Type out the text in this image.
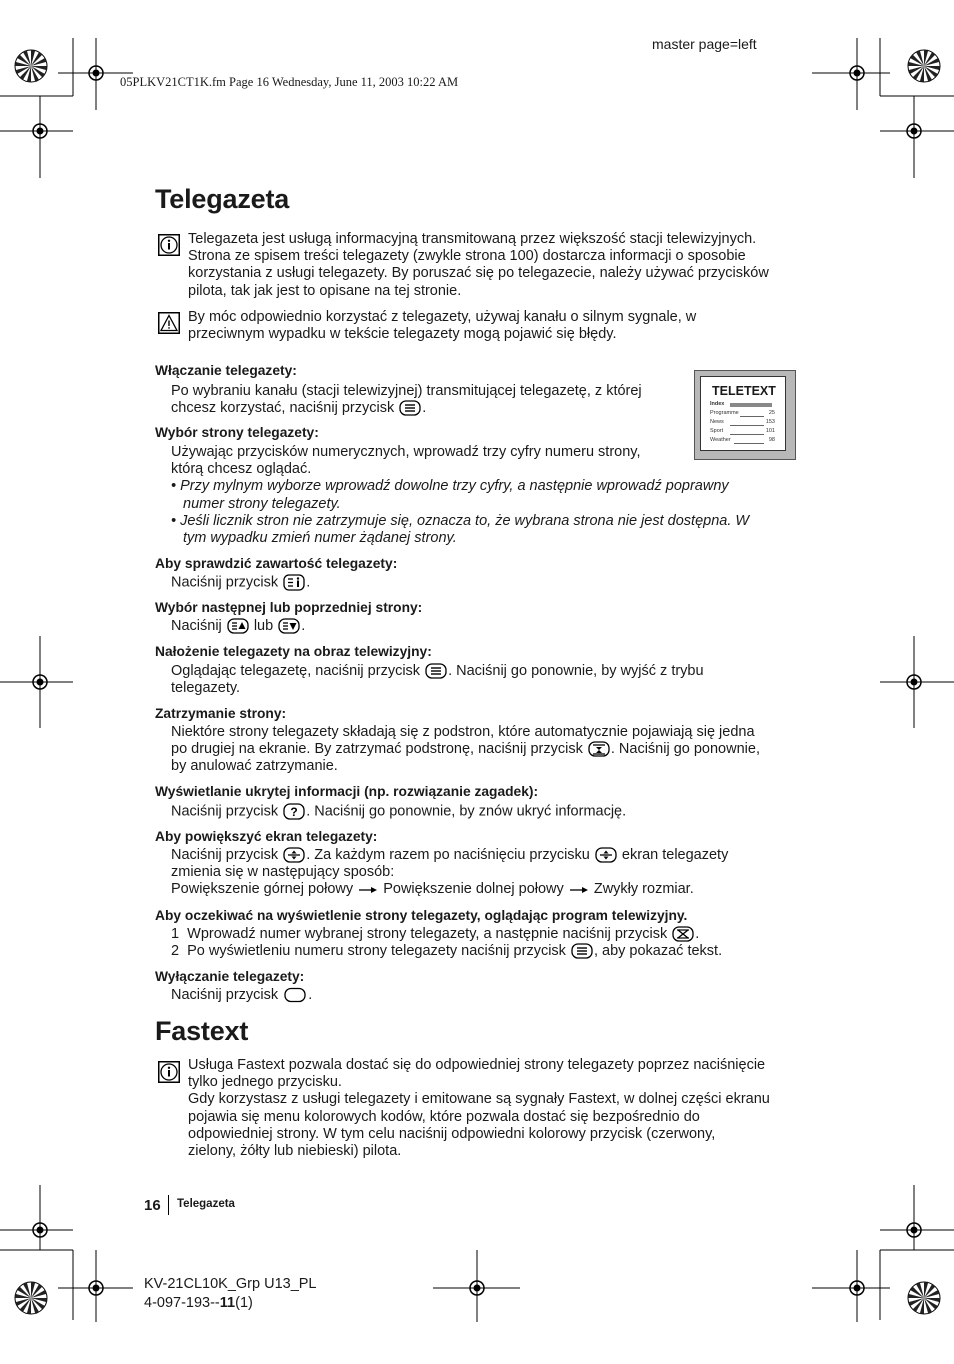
master page=left
05PLKV21CT1K.fm Page 16 Wednesday, June 11, 2003 10:22 AM
Telegazeta
Telegazeta jest usługą informacyjną transmitowaną przez większość stacji telewizyjnych.
Strona ze spisem treści telegazety (zwykle strona 100) dostarcza informacji o sposobie
korzystania z usługi telegazety. By poruszać się po telegazecie, należy używać przycisków
pilota, tak jak jest to opisane na tej stronie.
By móc odpowiednio korzystać z telegazety, używaj kanału o silnym sygnale, w
przeciwnym wypadku w tekście telegazety mogą pojawić się błędy.
TELETEXT
Index
Programme	25
News	153
Sport	101
Weather	98
Włączanie telegazety:
Po wybraniu kanału (stacji telewizyjnej) transmitującej telegazetę, z której
chcesz korzystać, naciśnij przycisk .
Wybór strony telegazety:
Używając przycisków numerycznych, wprowadź trzy cyfry numeru strony,
którą chcesz oglądać.
• Przy mylnym wyborze wprowadź dowolne trzy cyfry, a następnie wprowadź poprawny
numer strony telegazety.
• Jeśli licznik stron nie zatrzymuje się, oznacza to, że wybrana strona nie jest dostępna. W
tym wypadku zmień numer żądanej strony.
Aby sprawdzić zawartość telegazety:
Naciśnij przycisk .
Wybór następnej lub poprzedniej strony:
Naciśnij lub .
Nałożenie telegazety na obraz telewizyjny:
Oglądając telegazetę, naciśnij przycisk . Naciśnij go ponownie, by wyjść z trybu
telegazety.
Zatrzymanie strony:
Niektóre strony telegazety składają się z podstron, które automatycznie pojawiają się jedna
po drugiej na ekranie. By zatrzymać podstronę, naciśnij przycisk . Naciśnij go ponownie,
by anulować zatrzymanie.
Wyświetlanie ukrytej informacji (np. rozwiązanie zagadek):
Naciśnij przycisk ? . Naciśnij go ponownie, by znów ukryć informację.
Aby powiększyć ekran telegazety:
Naciśnij przycisk . Za każdym razem po naciśnięciu przycisku ekran telegazety
zmienia się w następujący sposób:
Powiększenie górnej połowy Powiększenie dolnej połowy Zwykły rozmiar.
Aby oczekiwać na wyświetlenie strony telegazety, oglądając program telewizyjny.
1 Wprowadź numer wybranej strony telegazety, a następnie naciśnij przycisk .
2 Po wyświetleniu numeru strony telegazety naciśnij przycisk , aby pokazać tekst.
Wyłączanie telegazety:
Naciśnij przycisk .
Fastext
Usługa Fastext pozwala dostać się do odpowiedniej strony telegazety poprzez naciśnięcie
tylko jednego przycisku.
Gdy korzystasz z usługi telegazety i emitowane są sygnały Fastext, w dolnej części ekranu
pojawia się menu kolorowych kodów, które pozwala dostać się bezpośrednio do
odpowiedniej strony. W tym celu naciśnij odpowiedni kolorowy przycisk (czerwony,
zielony, żółty lub niebieski) pilota.
16 Telegazeta
KV-21CL10K_Grp U13_PL
4-097-193--11(1)
